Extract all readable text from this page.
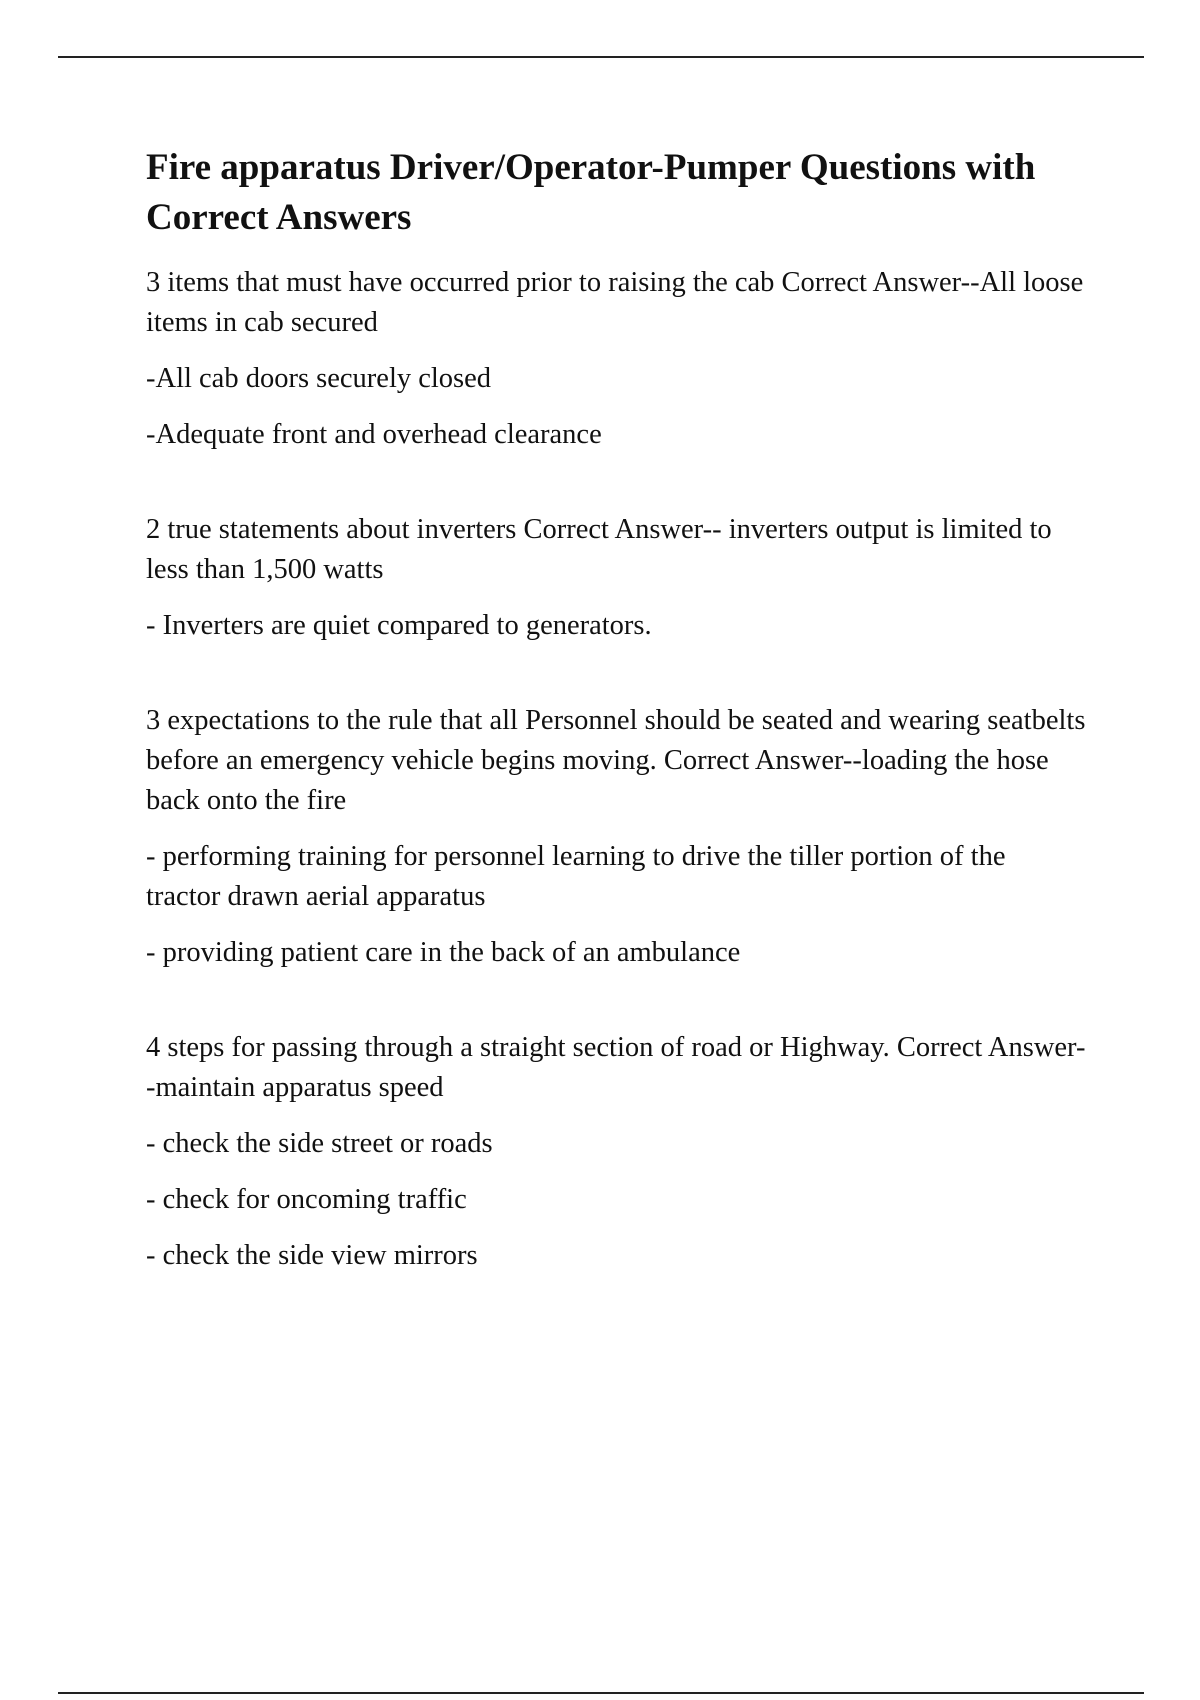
Fire apparatus Driver/Operator-Pumper Questions with Correct Answers

3 items that must have occurred prior to raising the cab Correct Answer--All loose items in cab secured

-All cab doors securely closed

-Adequate front and overhead clearance

2 true statements about inverters Correct Answer-- inverters output is limited to less than 1,500 watts

- Inverters are quiet compared to generators.

3 expectations to the rule that all Personnel should be seated and wearing seatbelts before an emergency vehicle begins moving. Correct Answer--loading the hose back onto the fire

- performing training for personnel learning to drive the tiller portion of the tractor drawn aerial apparatus

- providing patient care in the back of an ambulance

4 steps for passing through a straight section of road or Highway. Correct Answer--maintain apparatus speed

- check the side street or roads

- check for oncoming traffic

- check the side view mirrors
